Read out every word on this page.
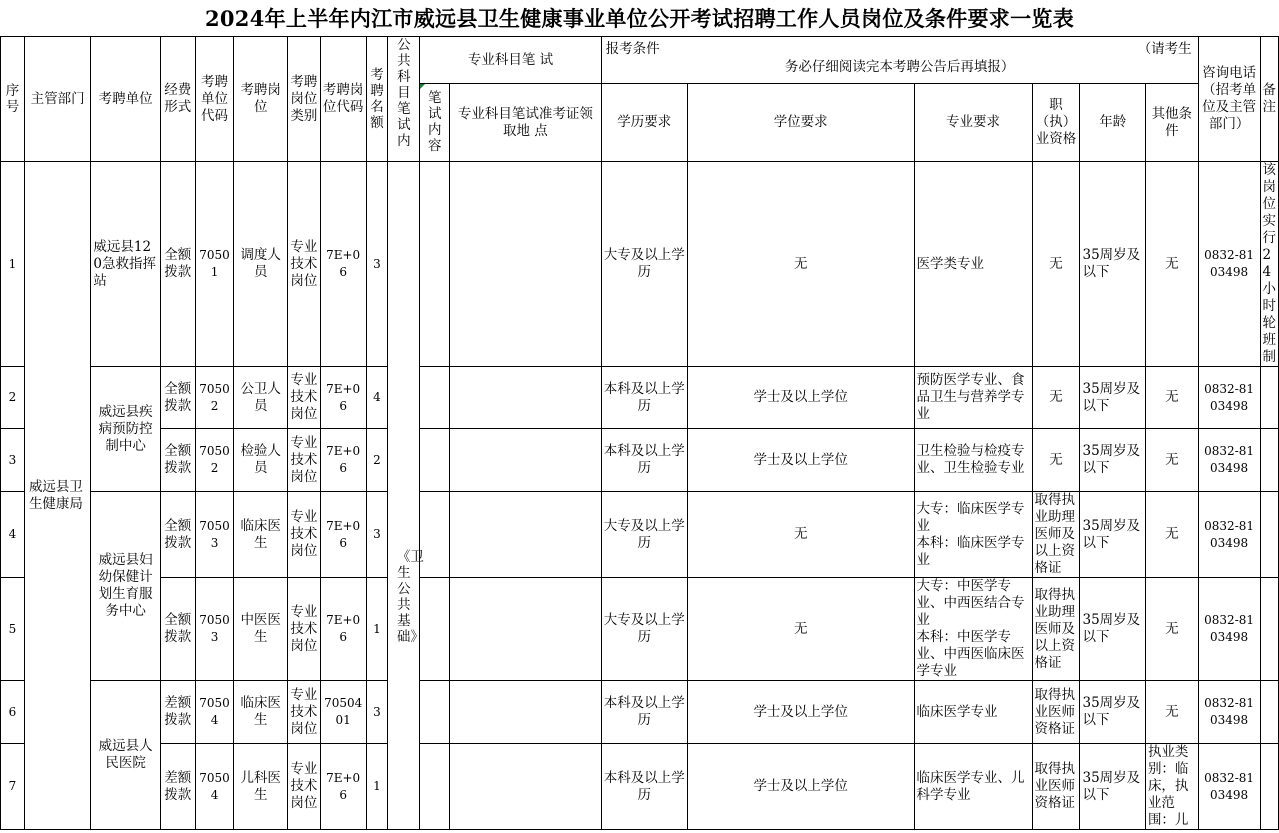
2024年上半年内江市威远县卫生健康事业单位公开考试招聘工作人员岗位及条件要求一览表
序号	主管部门	考聘单位	经费形式	考聘单位代码	考聘岗位	考聘岗位类别	考聘岗位代码	考聘名额	公共科目笔试内	专业科目笔 试		报考条件 （请考生
务必仔细阅读完本考聘公告后再填报）						咨询电话（招考单位及主管部门）	备注
										笔试内容	专业科目笔试准考证领取地 点	学历要求	学位要求	专业要求	职（执）业资格	年龄	其他条件		
1	威远县卫生健康局	威远县120急救指挥站	全额拨款	70501	调度人员	专业技术岗位	7E+06	3				大专及以上学历	无	医学类专业	无	35周岁及以下	无	0832-8103498	该岗位实行24小时轮班制
2		威远县疾病预防控制中心	全额拨款	70502	公卫人员	专业技术岗位	7E+06	4	《卫生公共基础》			本科及以上学历	学士及以上学位	预防医学专业、食品卫生与营养学专业	无	35周岁及以下	无	0832-8103498	
3			全额拨款	70502	检验人员	专业技术岗位	7E+06	2				本科及以上学历	学士及以上学位	卫生检验与检疫专业、卫生检验专业	无	35周岁及以下	无	0832-8103498	
4		威远县妇幼保健计划生育服务中心	全额拨款	70503	临床医生	专业技术岗位	7E+06	3				大专及以上学历	无	大专：临床医学专业
本科：临床医学专业	取得执业助理医师及以上资格证	35周岁及以下	无	0832-8103498	
5			全额拨款	70503	中医医生	专业技术岗位	7E+06	1				大专及以上学历	无	大专：中医学专业、中西医结合专业
本科：中医学专业、中西医临床医学专业	取得执业助理医师及以上资格证	35周岁及以下	无	0832-8103498	
6		威远县人民医院	差额拨款	70504	临床医生	专业技术岗位	7050401	3				本科及以上学历	学士及以上学位	临床医学专业	取得执业医师资格证	35周岁及以下	无	0832-8103498	
7			差额拨款	70504	儿科医生	专业技术岗位	7E+06	1				本科及以上学历	学士及以上学位	临床医学专业、儿科学专业	取得执业医师资格证	35周岁及以下	执业类别：临床，执业范围：儿	0832-8103498	
